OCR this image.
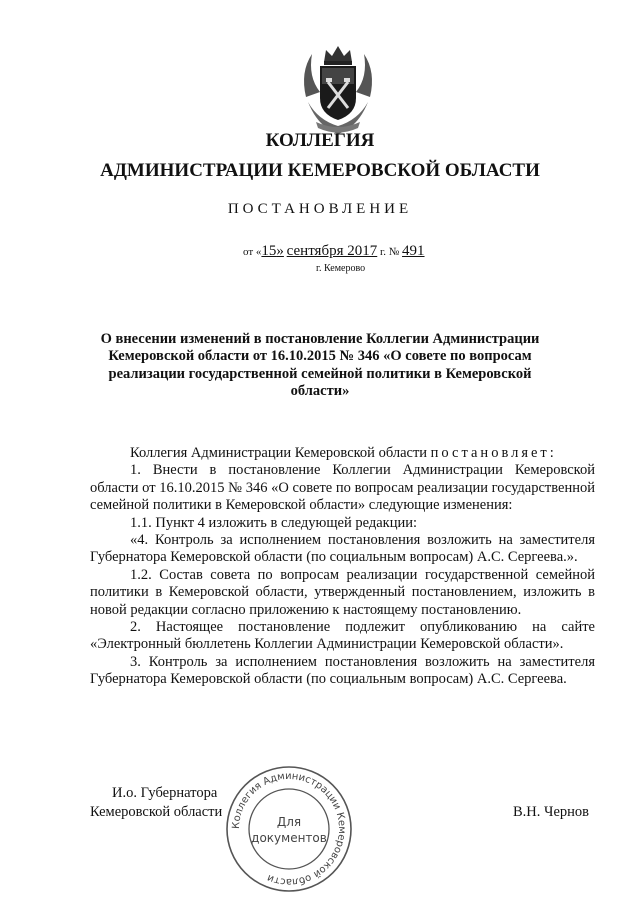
КОЛЛЕГИЯ
АДМИНИСТРАЦИИ КЕМЕРОВСКОЙ ОБЛАСТИ
ПОСТАНОВЛЕНИЕ
от «15» сентября 2017 г. № 491
г. Кемерово
О внесении изменений в постановление Коллегии Администрации Кемеровской области от 16.10.2015 № 346 «О совете по вопросам реализации государственной семейной политики в Кемеровской области»

Коллегия Администрации Кемеровской области постановляет:

1. Внести в постановление Коллегии Администрации Кемеровской области от 16.10.2015 № 346 «О совете по вопросам реализации государственной семейной политики в Кемеровской области» следующие изменения:

1.1. Пункт 4 изложить в следующей редакции:

«4. Контроль за исполнением постановления возложить на заместителя Губернатора Кемеровской области (по социальным вопросам) А.С. Сергеева.».

1.2. Состав совета по вопросам реализации государственной семейной политики в Кемеровской области, утвержденный постановлением, изложить в новой редакции согласно приложению к настоящему постановлению.

2. Настоящее постановление подлежит опубликованию на сайте «Электронный бюллетень Коллегии Администрации Кемеровской области».

3. Контроль за исполнением постановления возложить на заместителя Губернатора Кемеровской области (по социальным вопросам) А.С. Сергеева.

И.о. Губернатора
Кемеровской области	В.Н. Чернов
Коллегия Администрации Кемеровской области
Для
документов
